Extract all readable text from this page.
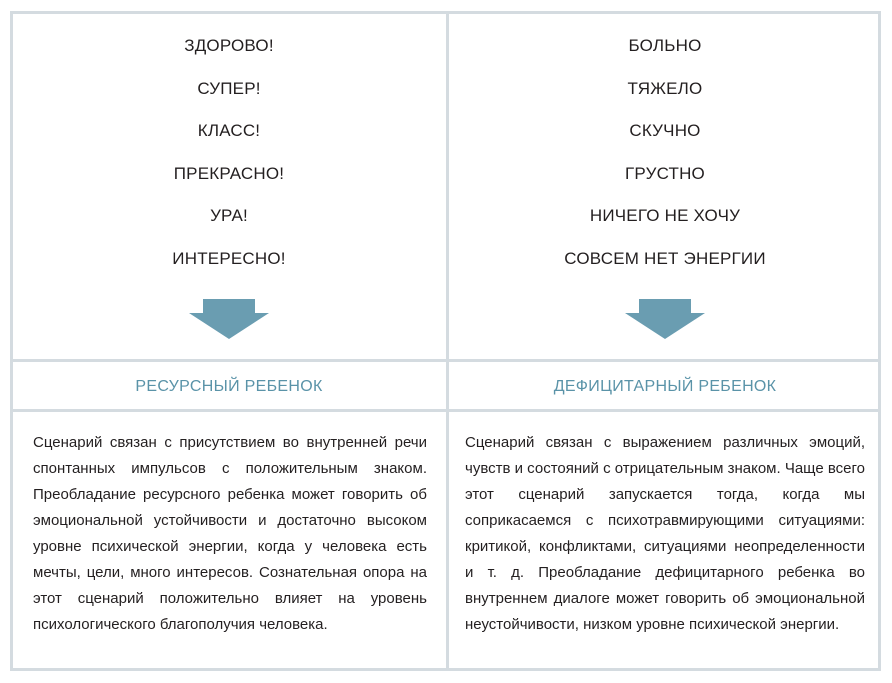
ЗДОРОВО!
СУПЕР!
КЛАСС!
ПРЕКРАСНО!
УРА!
ИНТЕРЕСНО!
РЕСУРСНЫЙ РЕБЕНОК
Сценарий связан с присутствием во внутренней речи спонтанных импульсов с положительным знаком. Преобладание ресурсного ребенка может говорить об эмоциональной устойчивости и достаточно высоком уровне психической энергии, когда у человека есть мечты, цели, много интересов. Сознательная опора на этот сценарий положительно влияет на уровень психологического благополучия человека.
БОЛЬНО
ТЯЖЕЛО
СКУЧНО
ГРУСТНО
НИЧЕГО НЕ ХОЧУ
СОВСЕМ НЕТ ЭНЕРГИИ
ДЕФИЦИТАРНЫЙ РЕБЕНОК
Сценарий связан с выражением различных эмоций, чувств и состояний с отрицательным знаком. Чаще всего этот сценарий запускается тогда, когда мы соприкасаемся с психотравмирующими ситуациями: критикой, конфликтами, ситуациями неопределенности и т. д. Преобладание дефицитарного ребенка во внутреннем диалоге может говорить об эмоциональной неустойчивости, низком уровне психической энергии.
